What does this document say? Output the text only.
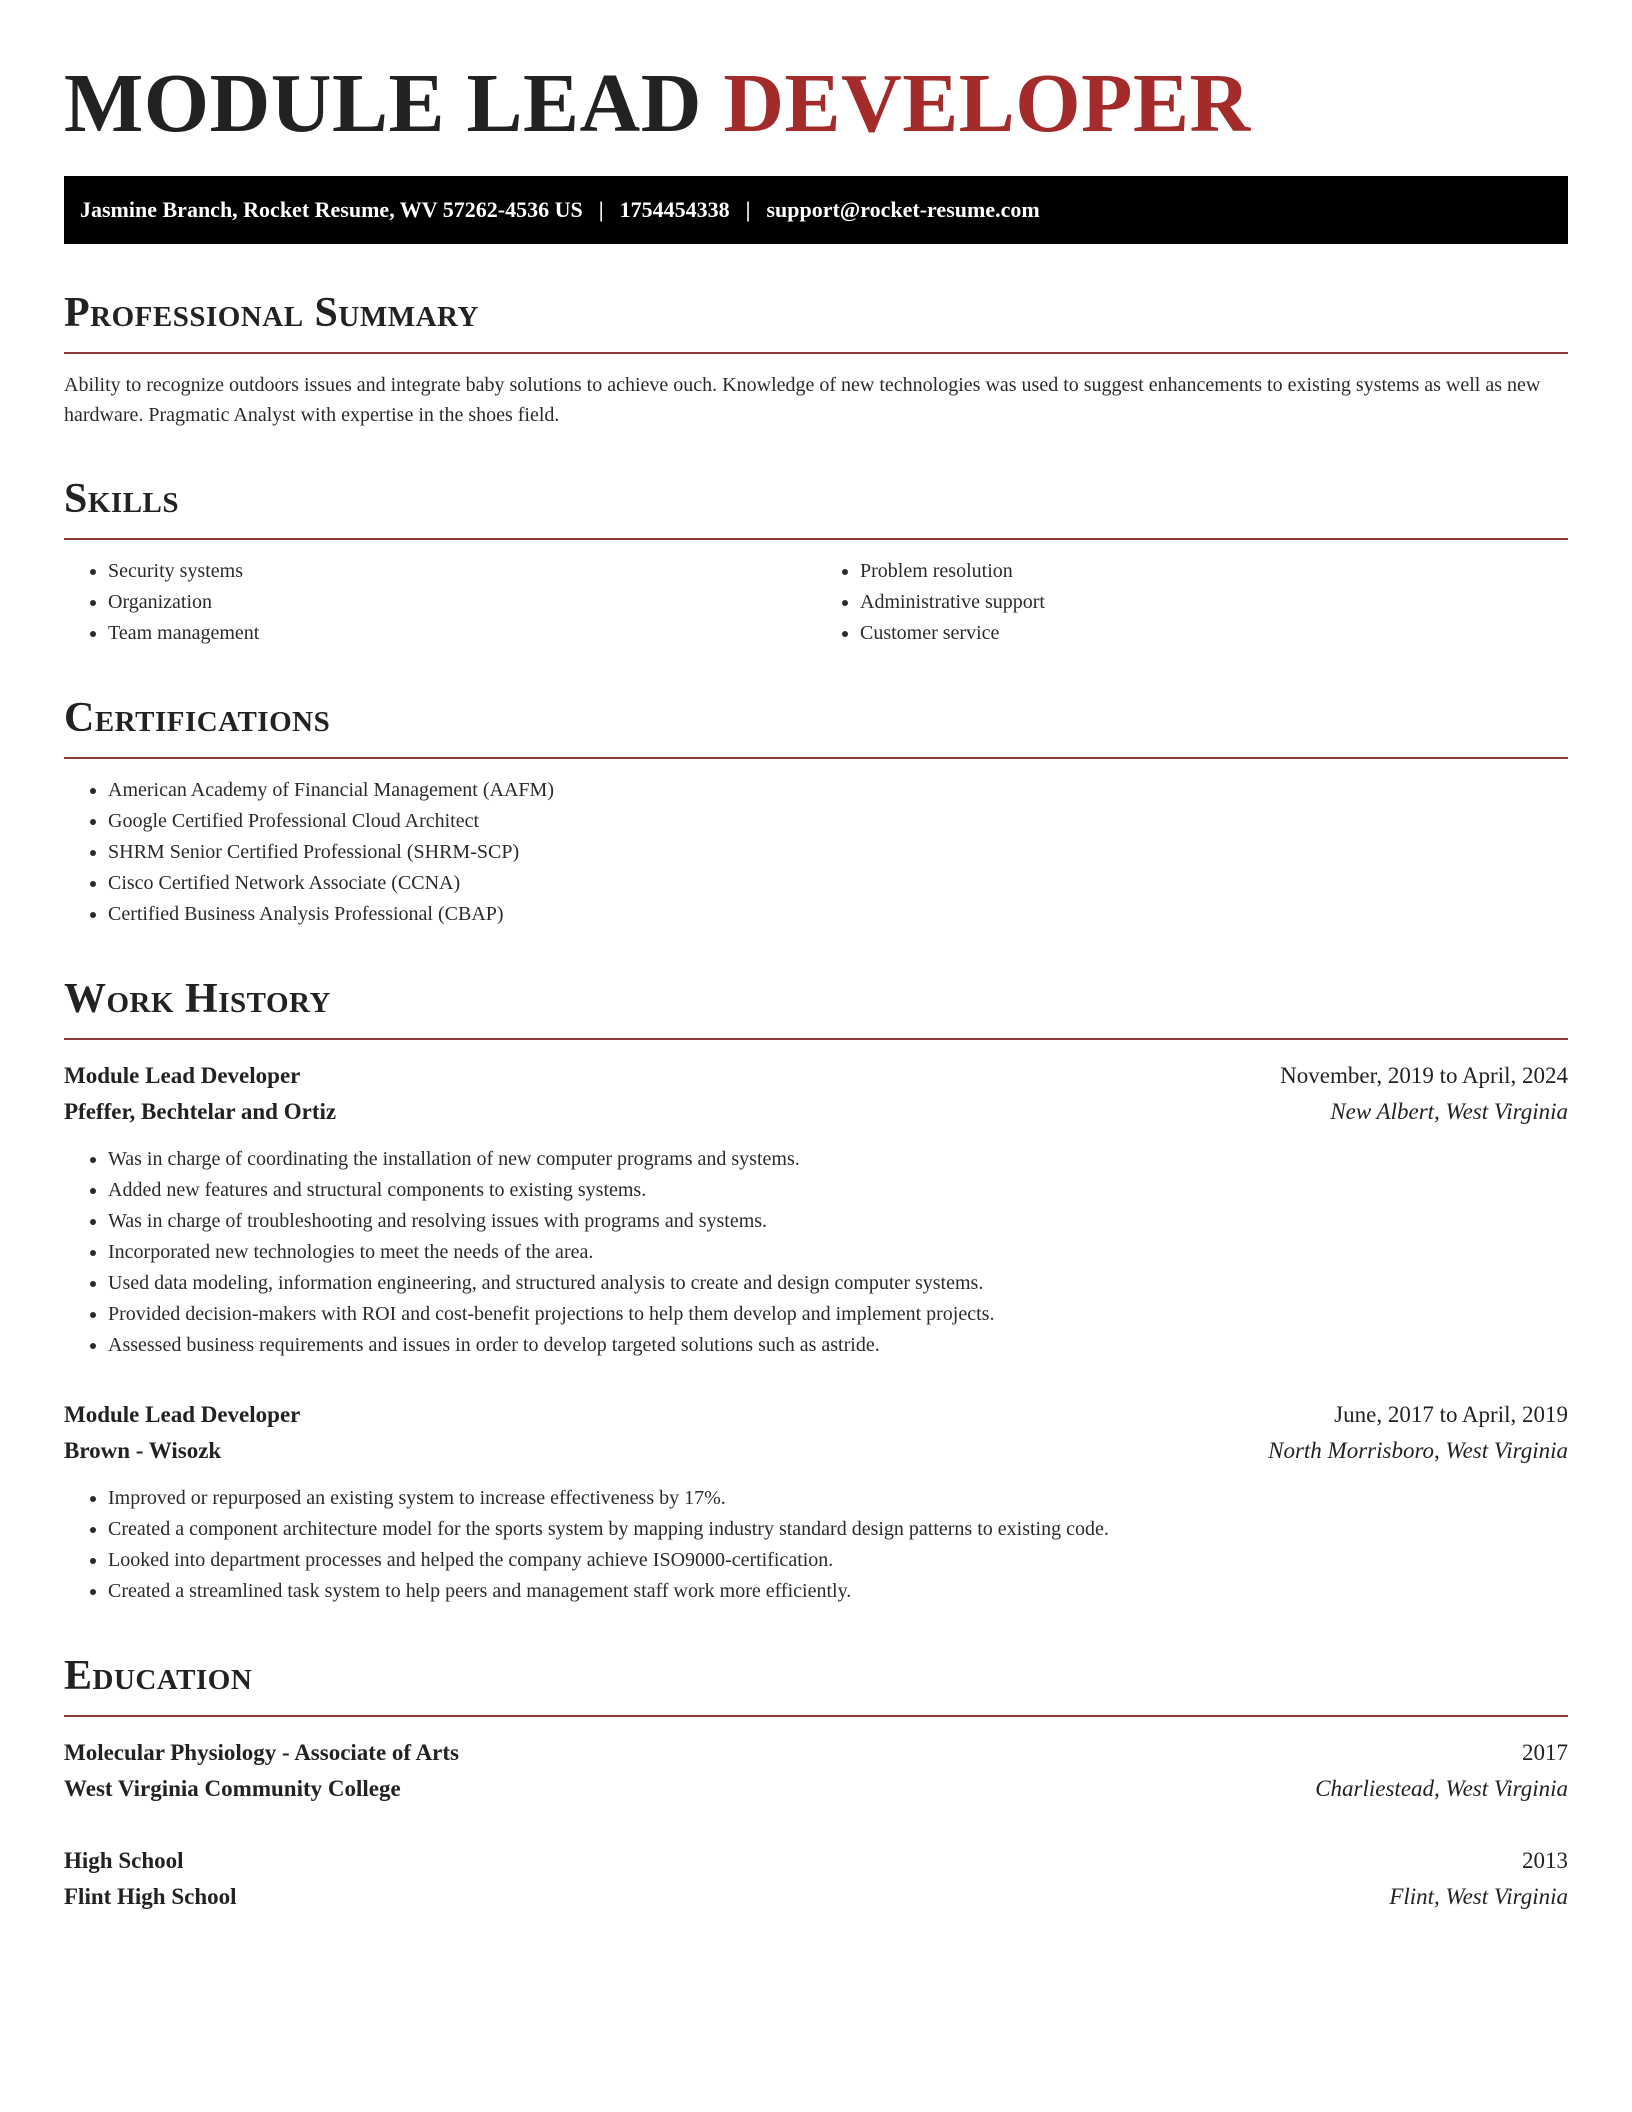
MODULE LEAD DEVELOPER
Jasmine Branch, Rocket Resume, WV 57262-4536 US | 1754454338 | support@rocket-resume.com
Professional Summary

Ability to recognize outdoors issues and integrate baby solutions to achieve ouch. Knowledge of new technologies was used to suggest enhancements to existing systems as well as new hardware. Pragmatic Analyst with expertise in the shoes field.

Skills
• Security systems
• Organization
• Team management
• Problem resolution
• Administrative support
• Customer service
Certifications
• American Academy of Financial Management (AAFM)
• Google Certified Professional Cloud Architect
• SHRM Senior Certified Professional (SHRM-SCP)
• Cisco Certified Network Associate (CCNA)
• Certified Business Analysis Professional (CBAP)
Work History
Module Lead Developer	November, 2019 to April, 2024
Pfeffer, Bechtelar and Ortiz	New Albert, West Virginia
• Was in charge of coordinating the installation of new computer programs and systems.
• Added new features and structural components to existing systems.
• Was in charge of troubleshooting and resolving issues with programs and systems.
• Incorporated new technologies to meet the needs of the area.
• Used data modeling, information engineering, and structured analysis to create and design computer systems.
• Provided decision-makers with ROI and cost-benefit projections to help them develop and implement projects.
• Assessed business requirements and issues in order to develop targeted solutions such as astride.
Module Lead Developer	June, 2017 to April, 2019
Brown - Wisozk	North Morrisboro, West Virginia
• Improved or repurposed an existing system to increase effectiveness by 17%.
• Created a component architecture model for the sports system by mapping industry standard design patterns to existing code.
• Looked into department processes and helped the company achieve ISO9000-certification.
• Created a streamlined task system to help peers and management staff work more efficiently.
Education
Molecular Physiology - Associate of Arts	2017
West Virginia Community College	Charliestead, West Virginia
High School	2013
Flint High School	Flint, West Virginia
